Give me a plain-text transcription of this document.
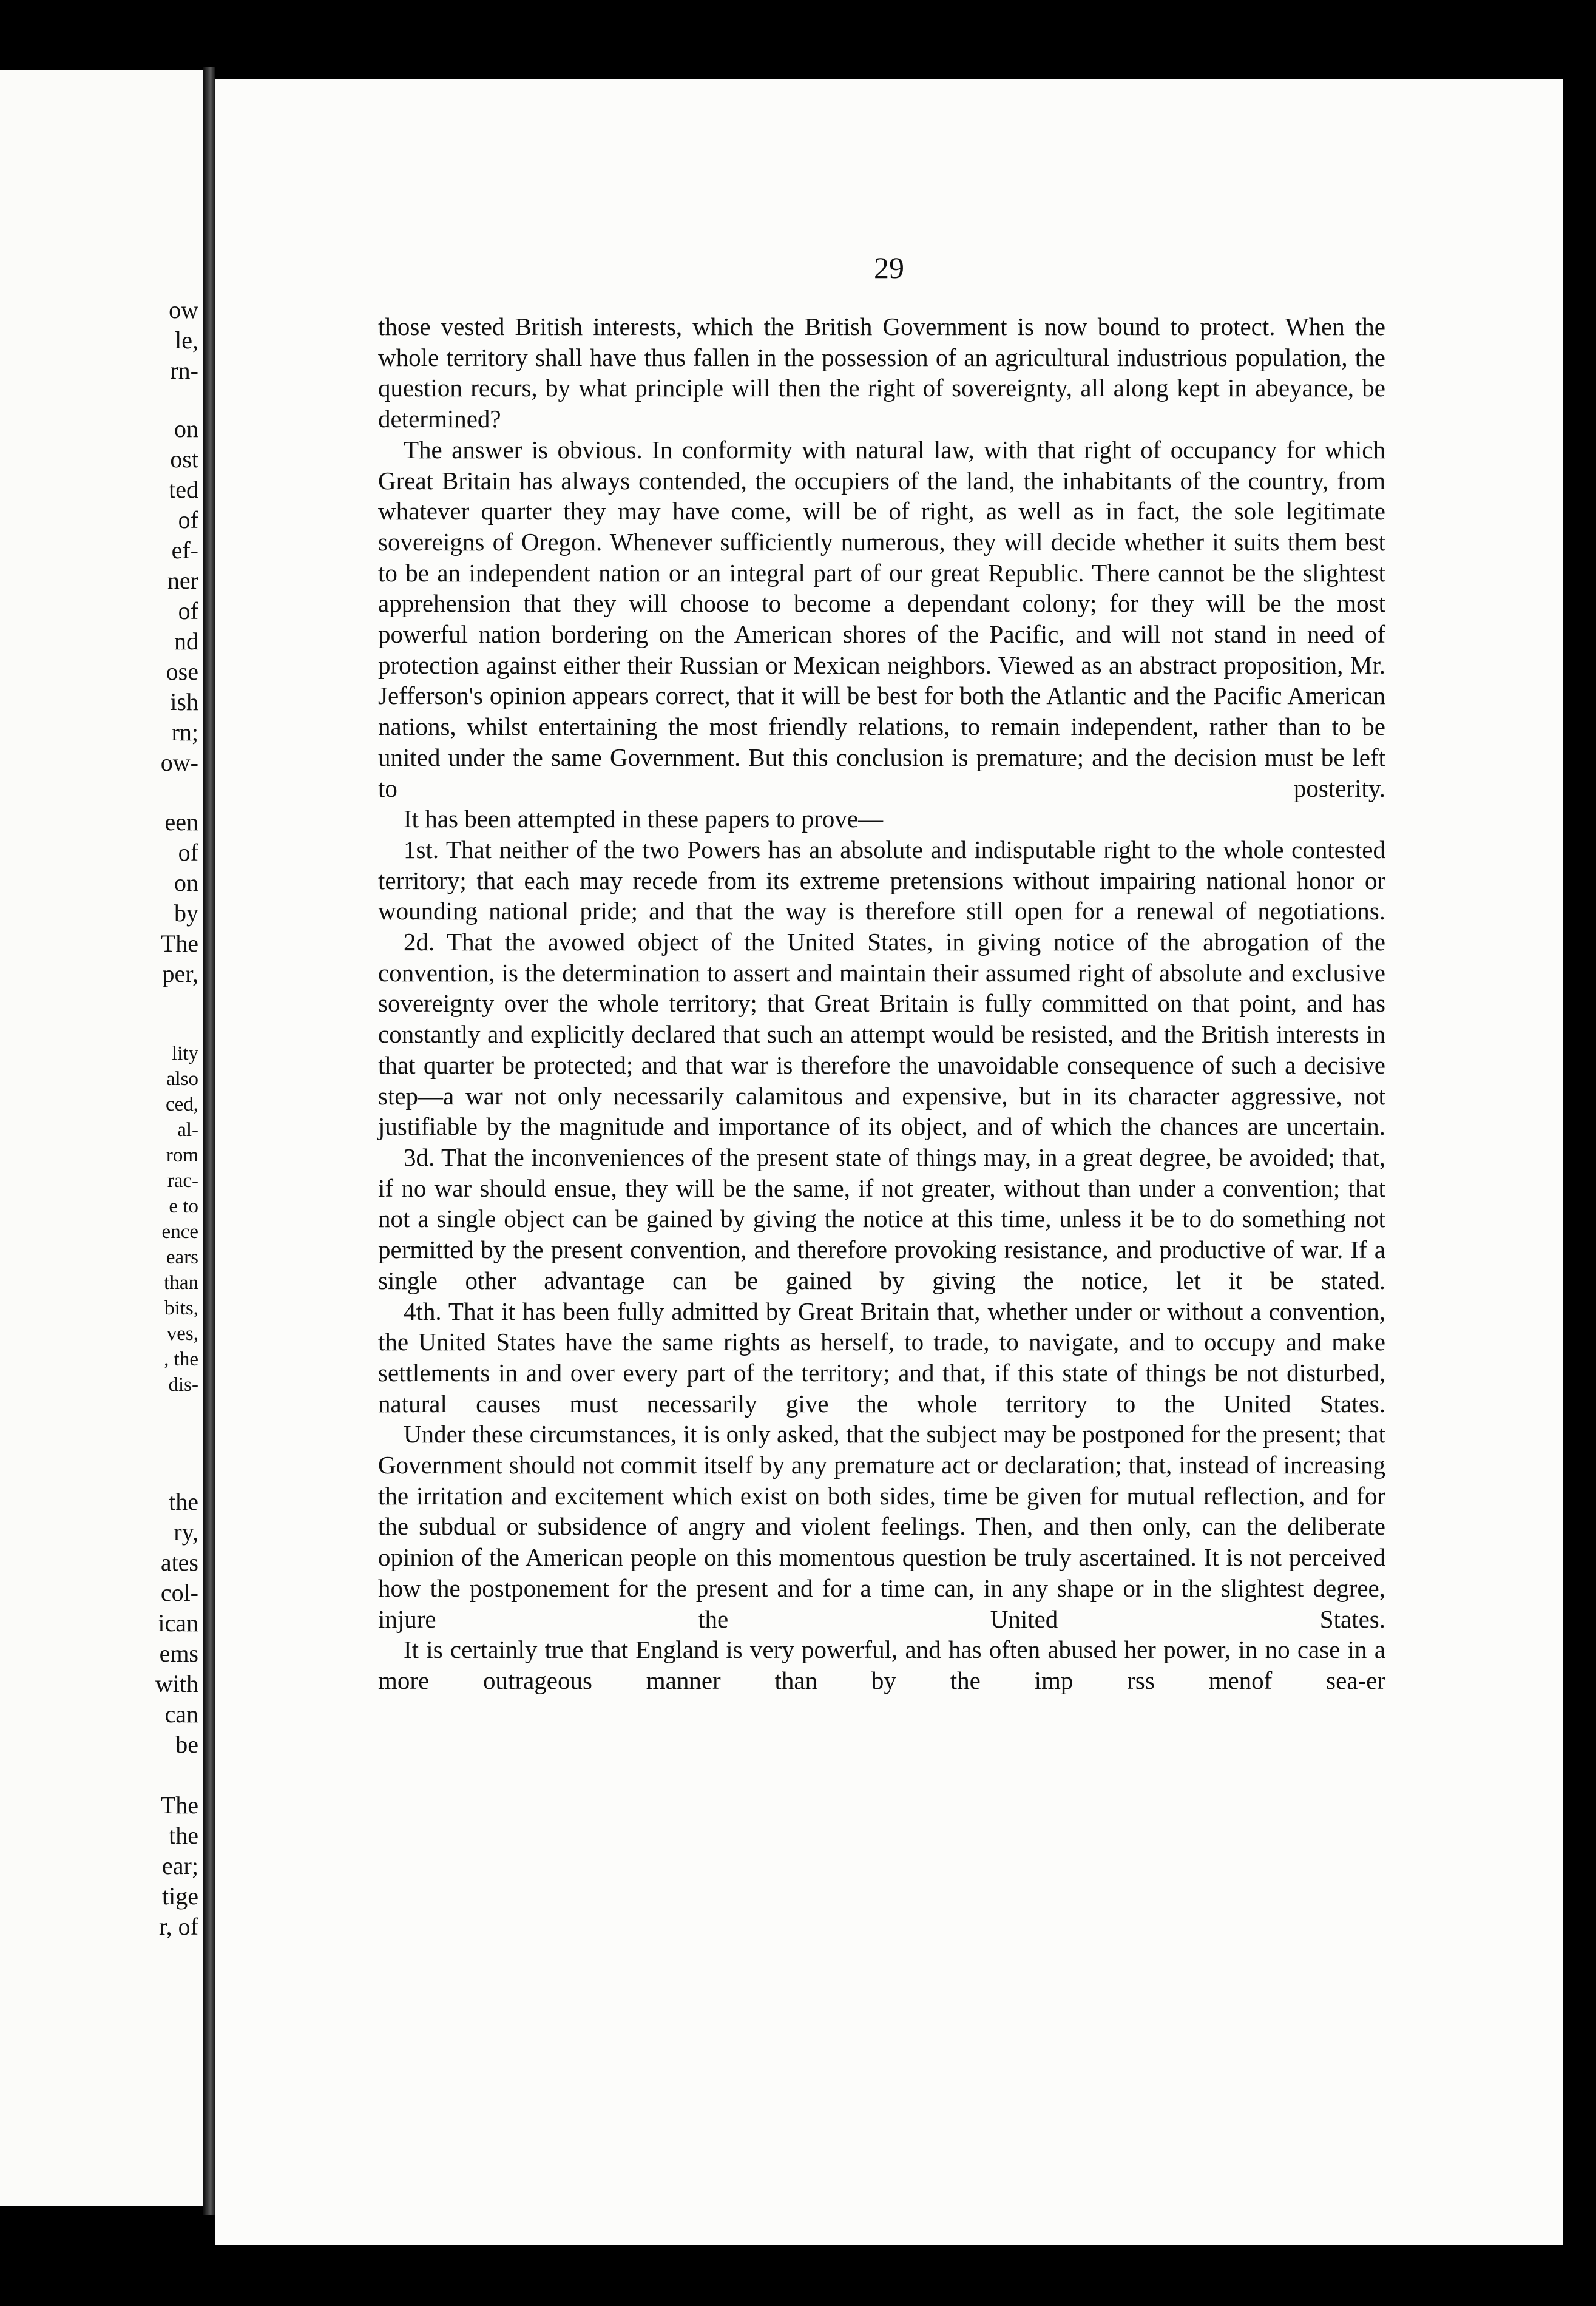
ow
le,
rn-
on
ost
ted
of
ef-
ner
of
nd
ose
ish
rn;
ow-
een
of
on
by
The
per,
lity
also
ced,
al-
rom
rac-
e to
ence
ears
than
bits,
ves,
, the
dis-
the
ry,
ates
col-
ican
ems
with
can
be
The
the
ear;
tige
r, of
29

those vested British interests, which the British Government is now bound to protect. When the whole territory shall have thus fallen in the possession of an agricultural industrious population, the question recurs, by what principle will then the right of sovereignty, all along kept in abeyance, be determined?

The answer is obvious. In conformity with natural law, with that right of occupancy for which Great Britain has always contended, the occupiers of the land, the inhabitants of the country, from whatever quarter they may have come, will be of right, as well as in fact, the sole legitimate sovereigns of Oregon. Whenever sufficiently numerous, they will decide whether it suits them best to be an independent nation or an integral part of our great Republic. There cannot be the slightest apprehension that they will choose to become a dependant colony; for they will be the most powerful nation bordering on the American shores of the Pacific, and will not stand in need of protection against either their Russian or Mexican neighbors. Viewed as an abstract proposition, Mr. Jefferson's opinion appears correct, that it will be best for both the Atlantic and the Pacific American nations, whilst entertaining the most friendly relations, to remain independent, rather than to be united under the same Government. But this conclusion is premature; and the decision must be left to posterity.

It has been attempted in these papers to prove—

1st. That neither of the two Powers has an absolute and indisputable right to the whole contested territory; that each may recede from its extreme pretensions without impairing national honor or wounding national pride; and that the way is therefore still open for a renewal of negotiations.

2d. That the avowed object of the United States, in giving notice of the abrogation of the convention, is the determination to assert and maintain their assumed right of absolute and exclusive sovereignty over the whole territory; that Great Britain is fully committed on that point, and has constantly and explicitly declared that such an attempt would be resisted, and the British interests in that quarter be protected; and that war is therefore the unavoidable consequence of such a decisive step—a war not only necessarily calamitous and expensive, but in its character aggressive, not justifiable by the magnitude and importance of its object, and of which the chances are uncertain.

3d. That the inconveniences of the present state of things may, in a great degree, be avoided; that, if no war should ensue, they will be the same, if not greater, without than under a convention; that not a single object can be gained by giving the notice at this time, unless it be to do something not permitted by the present convention, and therefore provoking resistance, and productive of war. If a single other advantage can be gained by giving the notice, let it be stated.

4th. That it has been fully admitted by Great Britain that, whether under or without a convention, the United States have the same rights as herself, to trade, to navigate, and to occupy and make settlements in and over every part of the territory; and that, if this state of things be not disturbed, natural causes must necessarily give the whole territory to the United States.

Under these circumstances, it is only asked, that the subject may be postponed for the present; that Government should not commit itself by any premature act or declaration; that, instead of increasing the irritation and excitement which exist on both sides, time be given for mutual reflection, and for the subdual or subsidence of angry and violent feelings. Then, and then only, can the deliberate opinion of the American people on this momentous question be truly ascertained. It is not perceived how the postponement for the present and for a time can, in any shape or in the slightest degree, injure the United States.

It is certainly true that England is very powerful, and has often abused her power, in no case in a more outrageous manner than by the imp rss menof sea-er
